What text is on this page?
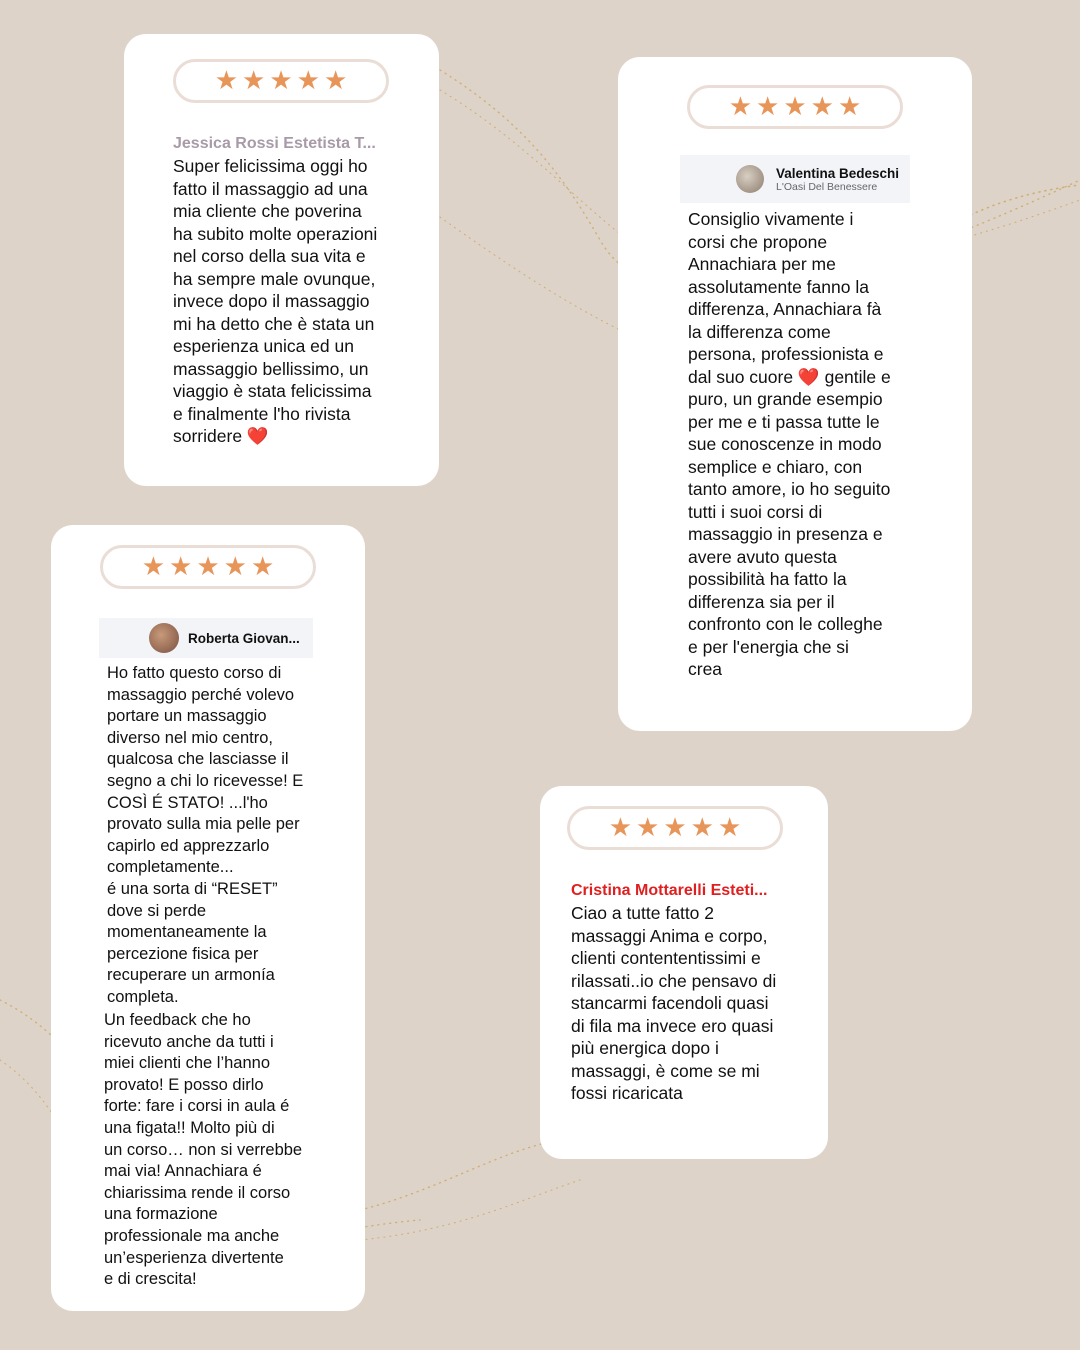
★ ★ ★ ★ ★
Jessica Rossi Estetista T...

Super felicissima oggi ho
fatto il massaggio ad una
mia cliente che poverina
ha subito molte operazioni
nel corso della sua vita e
ha sempre male ovunque,
invece dopo il massaggio
mi ha detto che è stata un
esperienza unica ed un
massaggio bellissimo, un
viaggio è stata felicissima
e finalmente l'ho rivista
sorridere ❤️

★ ★ ★ ★ ★
Valentina Bedeschi
L'Oasi Del Benessere

Consiglio vivamente i
corsi che propone
Annachiara per me
assolutamente fanno la
differenza, Annachiara fà
la differenza come
persona, professionista e
dal suo cuore ❤️ gentile e
puro, un grande esempio
per me e ti passa tutte le
sue conoscenze in modo
semplice e chiaro, con
tanto amore, io ho seguito
tutti i suoi corsi di
massaggio in presenza e
avere avuto questa
possibilità ha fatto la
differenza sia per il
confronto con le colleghe
e per l'energia che si
crea

★ ★ ★ ★ ★
Roberta Giovan...

Ho fatto questo corso di
massaggio perché volevo
portare un massaggio
diverso nel mio centro,
qualcosa che lasciasse il
segno a chi lo ricevesse! E
COSÌ É STATO! ...l'ho
provato sulla mia pelle per
capirlo ed apprezzarlo
completamente...
é una sorta di “RESET”
dove si perde
momentaneamente la
percezione fisica per
recuperare un armonía
completa.

Un feedback che ho
ricevuto anche da tutti i
miei clienti che l’hanno
provato! E posso dirlo
forte: fare i corsi in aula é
una figata!! Molto più di
un corso… non si verrebbe
mai via! Annachiara é
chiarissima rende il corso
una formazione
professionale ma anche
un’esperienza divertente
e di crescita!

★ ★ ★ ★ ★
Cristina Mottarelli Esteti...

Ciao a tutte fatto 2
massaggi Anima e corpo,
clienti contententissimi e
rilassati..io che pensavo di
stancarmi facendoli quasi
di fila ma invece ero quasi
più energica dopo i
massaggi, è come se mi
fossi ricaricata
